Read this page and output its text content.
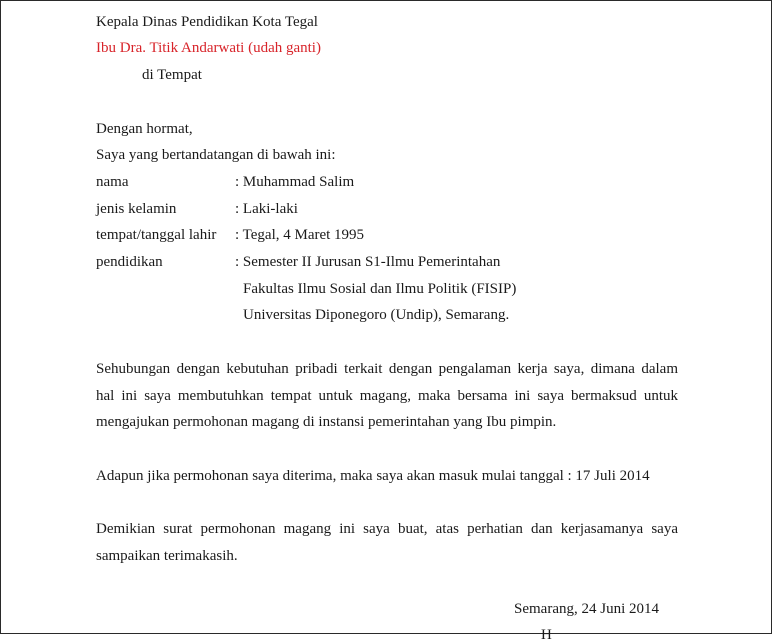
Kepala Dinas Pendidikan Kota Tegal
Ibu Dra. Titik Andarwati (udah ganti)
di Tempat
Dengan hormat,
Saya yang bertandatangan di bawah ini:
nama	: Muhammad Salim
jenis kelamin	: Laki-laki
tempat/tanggal lahir : Tegal, 4 Maret 1995
pendidikan	: Semester II Jurusan S1-Ilmu Pemerintahan
Fakultas Ilmu Sosial dan Ilmu Politik (FISIP)
Universitas Diponegoro (Undip), Semarang.
Sehubungan dengan kebutuhan pribadi terkait dengan pengalaman kerja saya, dimana dalam
hal ini saya membutuhkan tempat untuk magang, maka bersama ini saya bermaksud untuk
mengajukan permohonan magang di instansi pemerintahan yang Ibu pimpin.
Adapun jika permohonan saya diterima, maka saya akan masuk mulai tanggal : 17 Juli 2014
Demikian surat permohonan magang ini saya buat, atas perhatian dan kerjasamanya saya
sampaikan terimakasih.
Semarang, 24 Juni 2014
H
